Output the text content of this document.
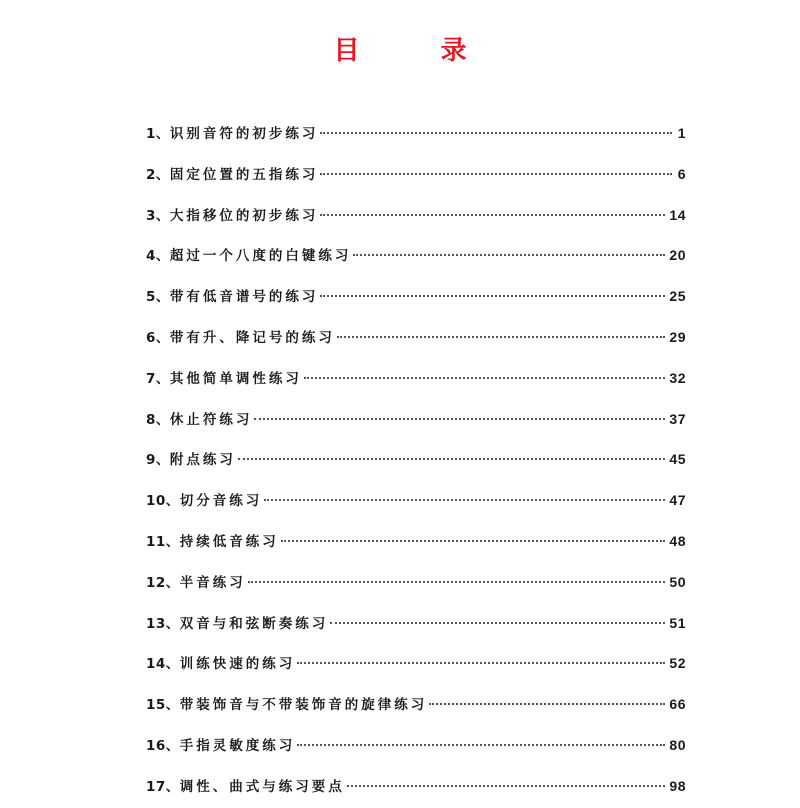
目 录
1、 识别音符的初步练习	1
2、 固定位置的五指练习	6
3、 大指移位的初步练习	14
4、 超过一个八度的白键练习	20
5、 带有低音谱号的练习	25
6、 带有升、降记号的练习	29
7、 其他简单调性练习	32
8、 休止符练习	37
9、 附点练习	45
10、 切分音练习	47
11、 持续低音练习	48
12、 半音练习	50
13、 双音与和弦断奏练习	51
14、 训练快速的练习	52
15、 带装饰音与不带装饰音的旋律练习	66
16、 手指灵敏度练习	80
17、 调性、曲式与练习要点	98
